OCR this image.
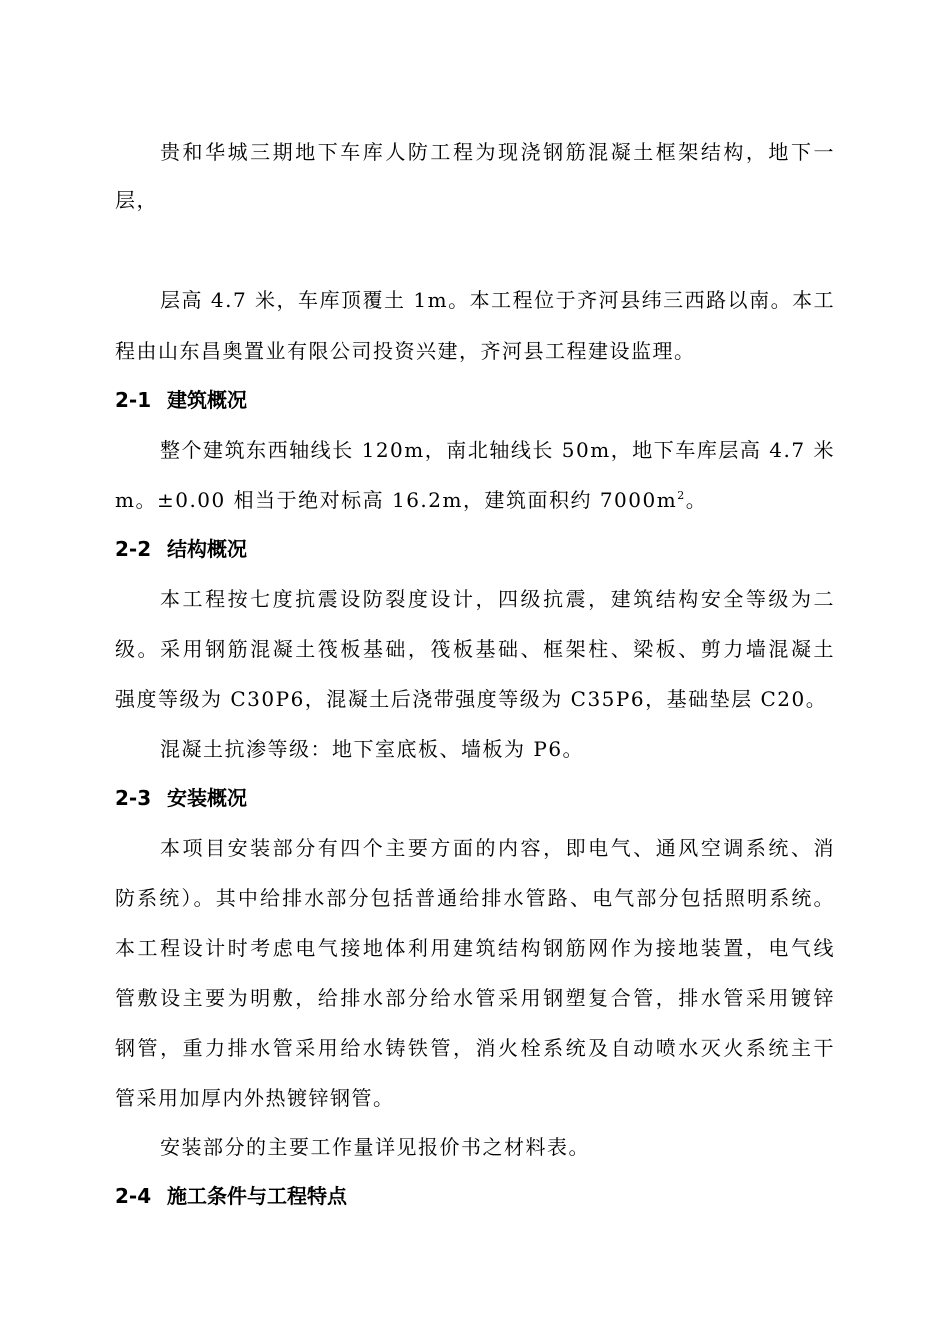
贵和华城三期地下车库人防工程为现浇钢筋混凝土框架结构，地下一
层，
层高 4.7 米，车库顶覆土 1m。本工程位于齐河县纬三西路以南。本工
程由山东昌奥置业有限公司投资兴建，齐河县工程建设监理。
2-1 建筑概况
整个建筑东西轴线长 120m，南北轴线长 50m，地下车库层高 4.7 米
m。±0.00 相当于绝对标高 16.2m，建筑面积约 $7000m^2$。
2-2 结构概况
本工程按七度抗震设防裂度设计，四级抗震，建筑结构安全等级为二
级。采用钢筋混凝土筏板基础，筏板基础、框架柱、梁板、剪力墙混凝土
强度等级为 C30P6，混凝土后浇带强度等级为 C35P6，基础垫层 C20。
混凝土抗渗等级：地下室底板、墙板为 P6。
2-3 安装概况
本项目安装部分有四个主要方面的内容，即电气、通风空调系统、消
防系统）。其中给排水部分包括普通给排水管路、电气部分包括照明系统。
本工程设计时考虑电气接地体利用建筑结构钢筋网作为接地装置，电气线
管敷设主要为明敷，给排水部分给水管采用钢塑复合管，排水管采用镀锌
钢管，重力排水管采用给水铸铁管，消火栓系统及自动喷水灭火系统主干
管采用加厚内外热镀锌钢管。
安装部分的主要工作量详见报价书之材料表。
2-4 施工条件与工程特点
